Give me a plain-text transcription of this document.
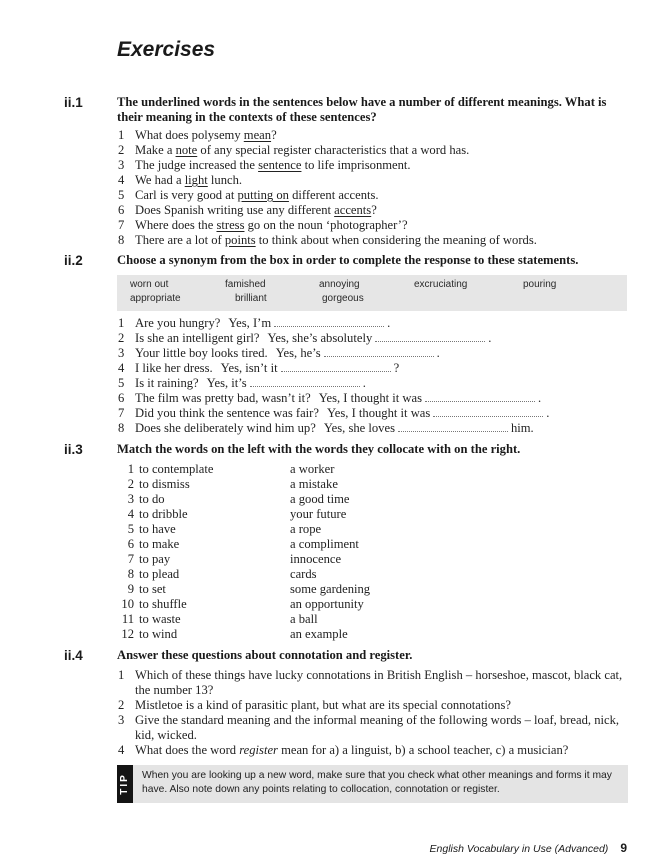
Exercises
ii.1	The underlined words in the sentences below have a number of different meanings. What is their meaning in the contexts of these sentences?
1 What does polysemy mean?
2 Make a note of any special register characteristics that a word has.
3 The judge increased the sentence to life imprisonment.
4 We had a light lunch.
5 Carl is very good at putting on different accents.
6 Does Spanish writing use any different accents?
7 Where does the stress go on the noun ‘photographer’?
8 There are a lot of points to think about when considering the meaning of words.
ii.2	Choose a synonym from the box in order to complete the response to these statements.
worn out	famished	annoying	excruciating	pouring
appropriate	brilliant	gorgeous
1 Are you hungry? Yes, I’m	.
2 Is she an intelligent girl? Yes, she’s absolutely	.
3 Your little boy looks tired. Yes, he’s	.
4 I like her dress. Yes, isn’t it	?
5 Is it raining? Yes, it’s	.
6 The film was pretty bad, wasn’t it? Yes, I thought it was	.
7 Did you think the sentence was fair? Yes, I thought it was	.
8 Does she deliberately wind him up? Yes, she loves	him.
ii.3	Match the words on the left with the words they collocate with on the right.
1 to contemplate	a worker
2 to dismiss	a mistake
3 to do	a good time
4 to dribble	your future
5 to have	a rope
6 to make	a compliment
7 to pay	innocence
8 to plead	cards
9 to set	some gardening
10 to shuffle	an opportunity
11 to waste	a ball
12 to wind	an example
ii.4	Answer these questions about connotation and register.
1 Which of these things have lucky connotations in British English – horseshoe, mascot, black cat, the number 13?
2 Mistletoe is a kind of parasitic plant, but what are its special connotations?
3 Give the standard meaning and the informal meaning of the following words – loaf, bread, nick, kid, wicked.
4 What does the word register mean for a) a linguist, b) a school teacher, c) a musician?
TIP When you are looking up a new word, make sure that you check what other meanings and forms it may have. Also note down any points relating to collocation, connotation or register.
English Vocabulary in Use (Advanced) 9
